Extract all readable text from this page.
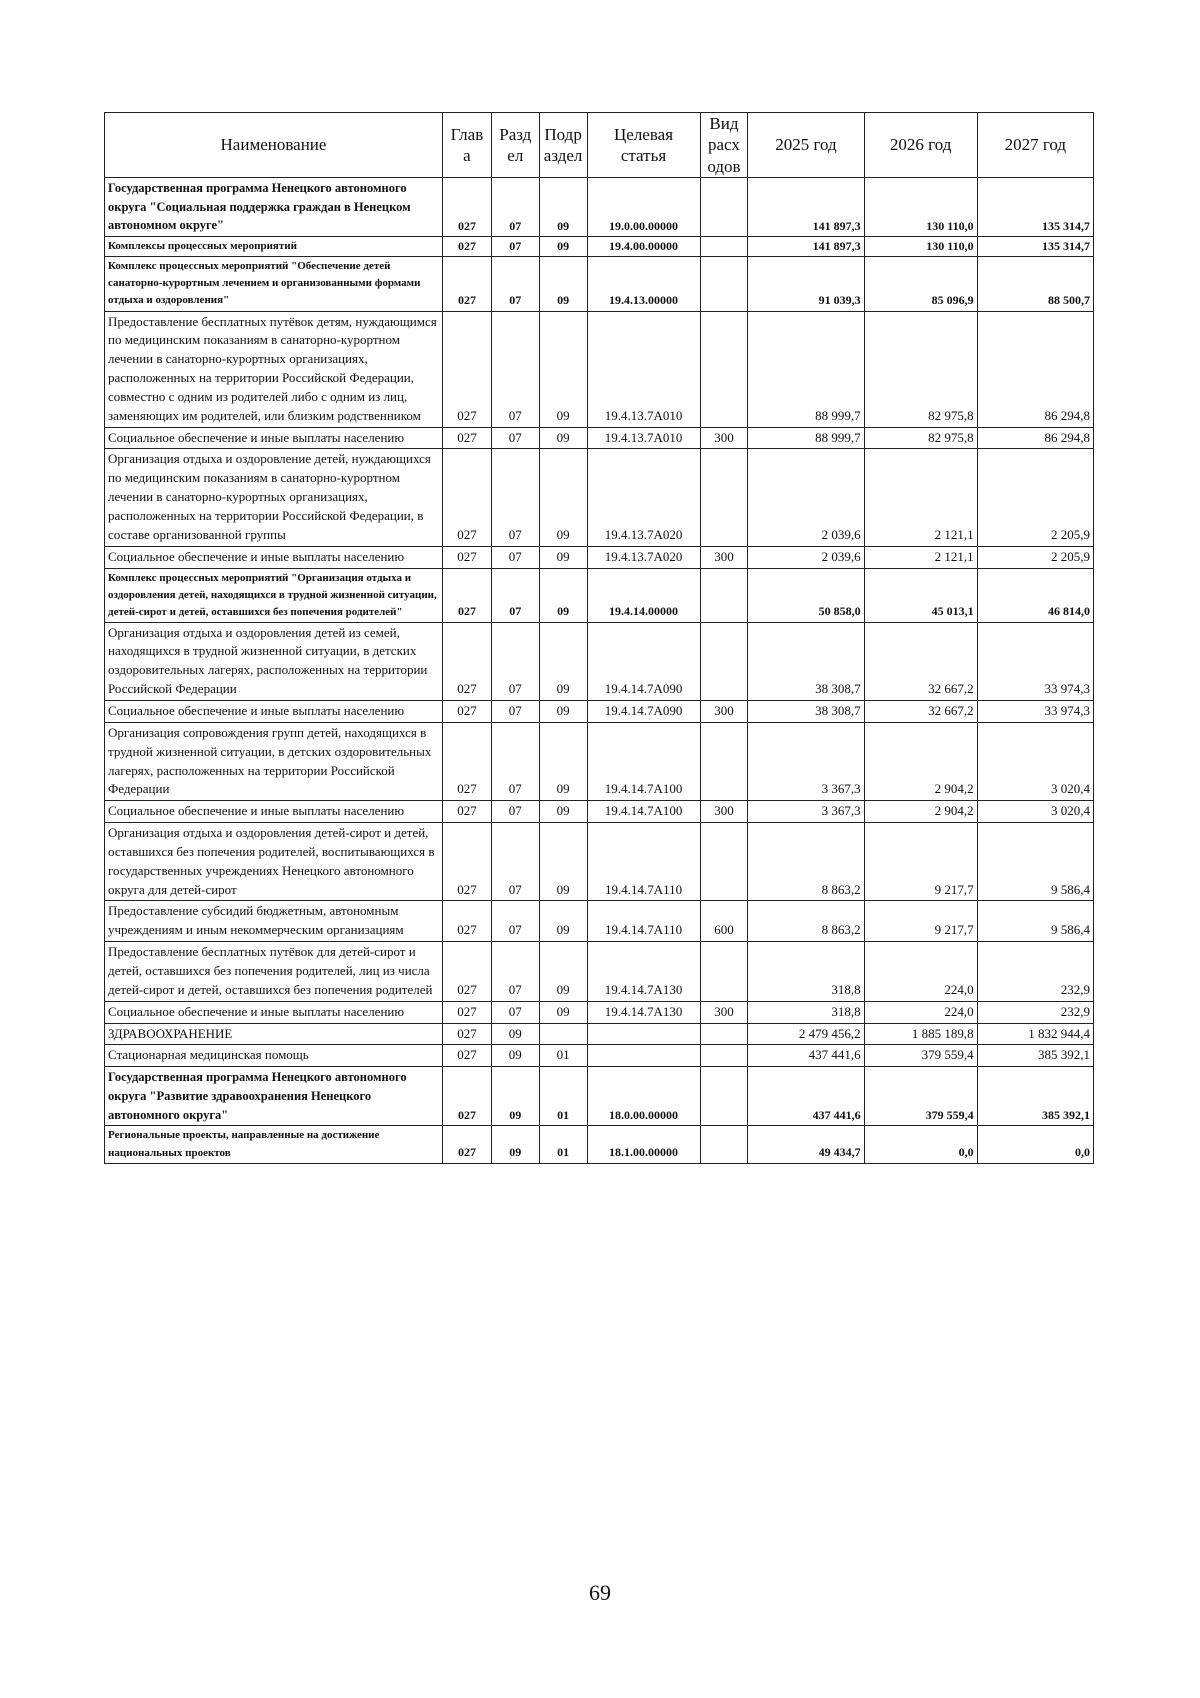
Наименование	Глав а	Разд ел	Подр аздел	Целевая статья	Вид расх одов	2025 год	2026 год	2027 год
Государственная программа Ненецкого автономного округа "Социальная поддержка граждан в Ненецком автономном округе"	027	07	09	19.0.00.00000		141 897,3	130 110,0	135 314,7
Комплексы процессных мероприятий	027	07	09	19.4.00.00000		141 897,3	130 110,0	135 314,7
Комплекс процессных мероприятий "Обеспечение детей санаторно-курортным лечением и организованными формами отдыха и оздоровления"	027	07	09	19.4.13.00000		91 039,3	85 096,9	88 500,7
Предоставление бесплатных путёвок детям, нуждающимся по медицинским показаниям в санаторно-курортном лечении в санаторно-курортных организациях, расположенных на территории Российской Федерации, совместно с одним из родителей либо с одним из лиц, заменяющих им родителей, или близким родственником	027	07	09	19.4.13.7А010		88 999,7	82 975,8	86 294,8
Социальное обеспечение и иные выплаты населению	027	07	09	19.4.13.7А010	300	88 999,7	82 975,8	86 294,8
Организация отдыха и оздоровление детей, нуждающихся по медицинским показаниям в санаторно-курортном лечении в санаторно-курортных организациях, расположенных на территории Российской Федерации, в составе организованной группы	027	07	09	19.4.13.7А020		2 039,6	2 121,1	2 205,9
Социальное обеспечение и иные выплаты населению	027	07	09	19.4.13.7А020	300	2 039,6	2 121,1	2 205,9
Комплекс процессных мероприятий "Организация отдыха и оздоровления детей, находящихся в трудной жизненной ситуации, детей-сирот и детей, оставшихся без попечения родителей"	027	07	09	19.4.14.00000		50 858,0	45 013,1	46 814,0
Организация отдыха и оздоровления детей из семей, находящихся в трудной жизненной ситуации, в детских оздоровительных лагерях, расположенных на территории Российской Федерации	027	07	09	19.4.14.7А090		38 308,7	32 667,2	33 974,3
Социальное обеспечение и иные выплаты населению	027	07	09	19.4.14.7А090	300	38 308,7	32 667,2	33 974,3
Организация сопровождения групп детей, находящихся в трудной жизненной ситуации, в детских оздоровительных лагерях, расположенных на территории Российской Федерации	027	07	09	19.4.14.7А100		3 367,3	2 904,2	3 020,4
Социальное обеспечение и иные выплаты населению	027	07	09	19.4.14.7А100	300	3 367,3	2 904,2	3 020,4
Организация отдыха и оздоровления детей-сирот и детей, оставшихся без попечения родителей, воспитывающихся в государственных учреждениях Ненецкого автономного округа для детей-сирот	027	07	09	19.4.14.7А110		8 863,2	9 217,7	9 586,4
Предоставление субсидий бюджетным, автономным учреждениям и иным некоммерческим организациям	027	07	09	19.4.14.7А110	600	8 863,2	9 217,7	9 586,4
Предоставление бесплатных путёвок для детей-сирот и детей, оставшихся без попечения родителей, лиц из числа детей-сирот и детей, оставшихся без попечения родителей	027	07	09	19.4.14.7А130		318,8	224,0	232,9
Социальное обеспечение и иные выплаты населению	027	07	09	19.4.14.7А130	300	318,8	224,0	232,9
ЗДРАВООХРАНЕНИЕ	027	09				2 479 456,2	1 885 189,8	1 832 944,4
Стационарная медицинская помощь	027	09	01			437 441,6	379 559,4	385 392,1
Государственная программа Ненецкого автономного округа "Развитие здравоохранения Ненецкого автономного округа"	027	09	01	18.0.00.00000		437 441,6	379 559,4	385 392,1
Региональные проекты, направленные на достижение национальных проектов	027	09	01	18.1.00.00000		49 434,7	0,0	0,0
69
